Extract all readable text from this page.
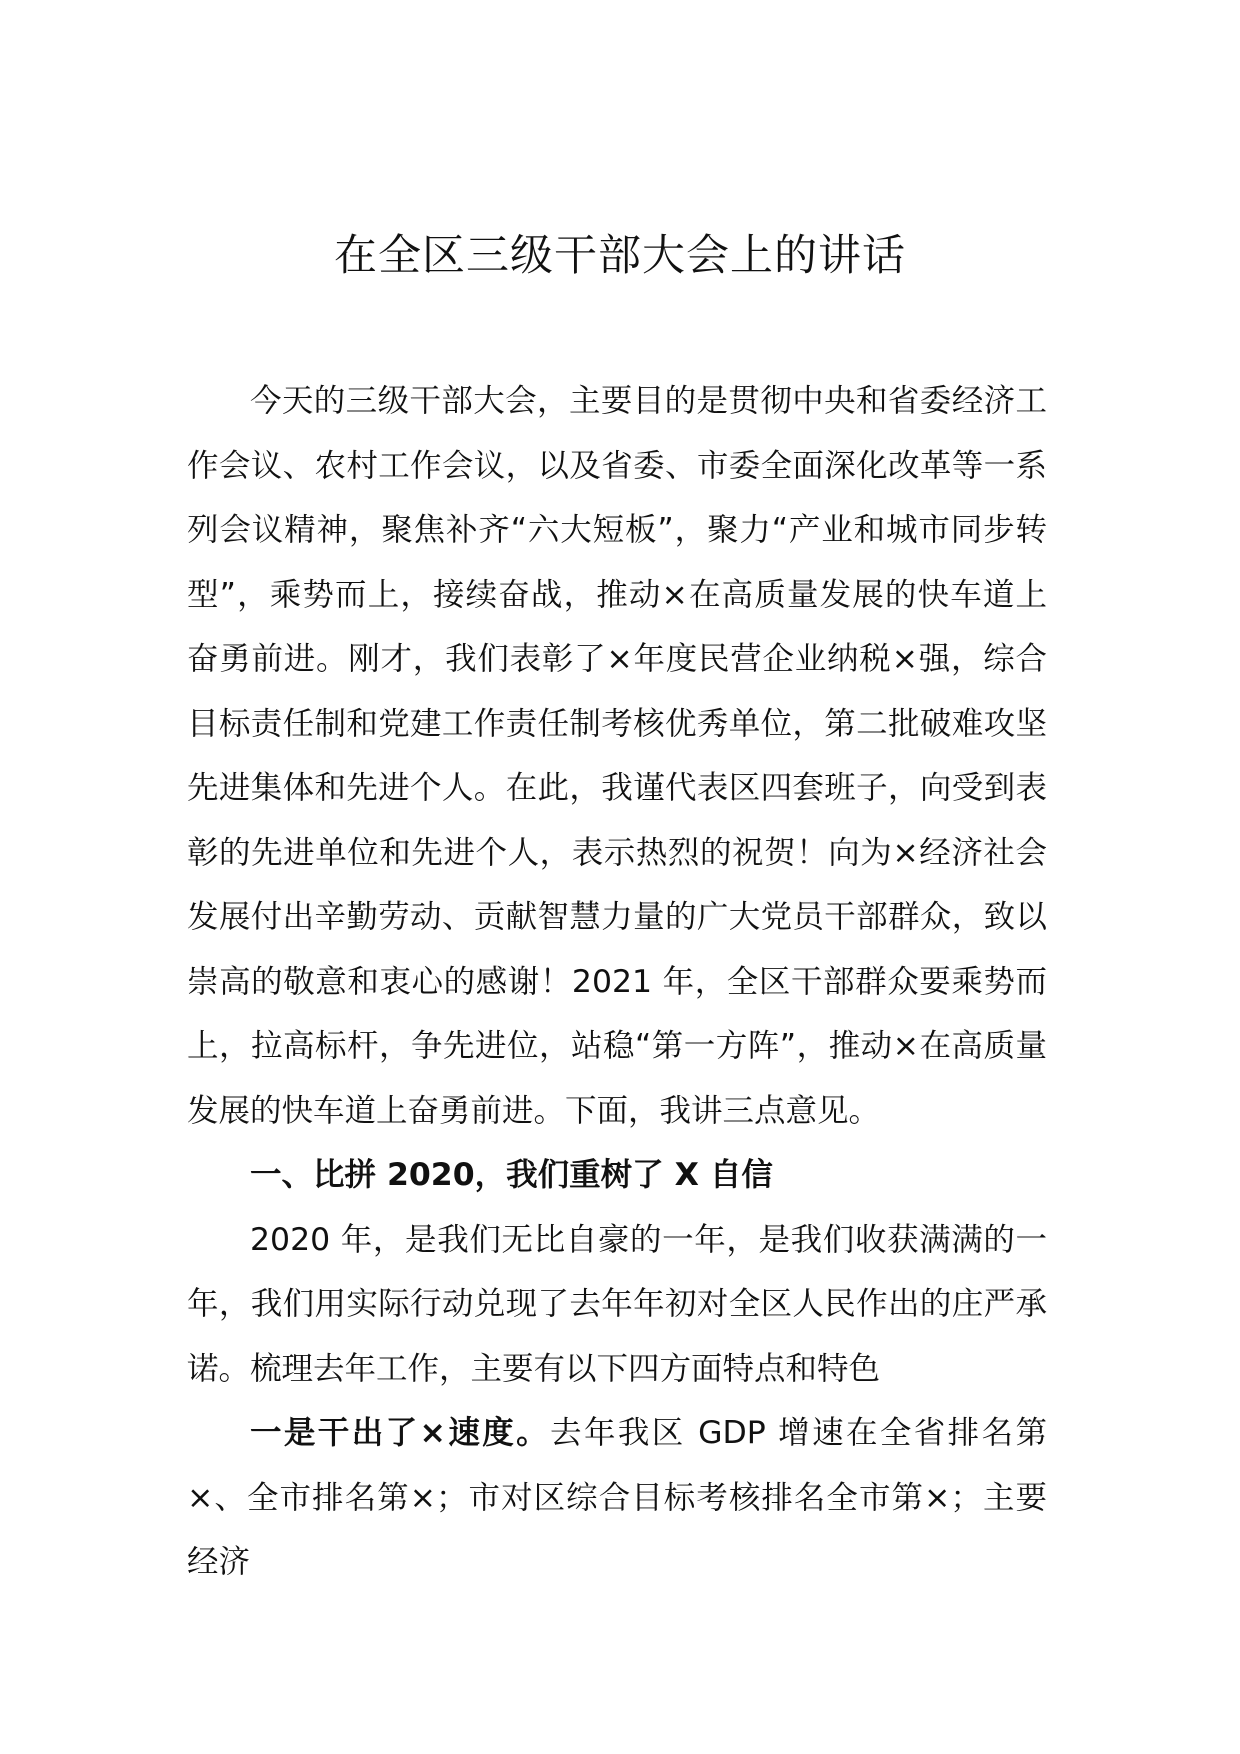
在全区三级干部大会上的讲话

今天的三级干部大会，主要目的是贯彻中央和省委经济工作会议、农村工作会议，以及省委、市委全面深化改革等一系列会议精神，聚焦补齐“六大短板”，聚力“产业和城市同步转型”，乘势而上，接续奋战，推动×在高质量发展的快车道上奋勇前进。刚才，我们表彰了×年度民营企业纳税×强，综合目标责任制和党建工作责任制考核优秀单位，第二批破难攻坚先进集体和先进个人。在此，我谨代表区四套班子，向受到表彰的先进单位和先进个人，表示热烈的祝贺！向为×经济社会发展付出辛勤劳动、贡献智慧力量的广大党员干部群众，致以崇高的敬意和衷心的感谢！2021 年，全区干部群众要乘势而上，拉高标杆，争先进位，站稳“第一方阵”，推动×在高质量发展的快车道上奋勇前进。下面，我讲三点意见。

一、比拼 2020，我们重树了 X 自信

2020 年，是我们无比自豪的一年，是我们收获满满的一年，我们用实际行动兑现了去年年初对全区人民作出的庄严承诺。梳理去年工作，主要有以下四方面特点和特色

一是干出了×速度。去年我区 GDP 增速在全省排名第×、全市排名第×；市对区综合目标考核排名全市第×；主要经济
